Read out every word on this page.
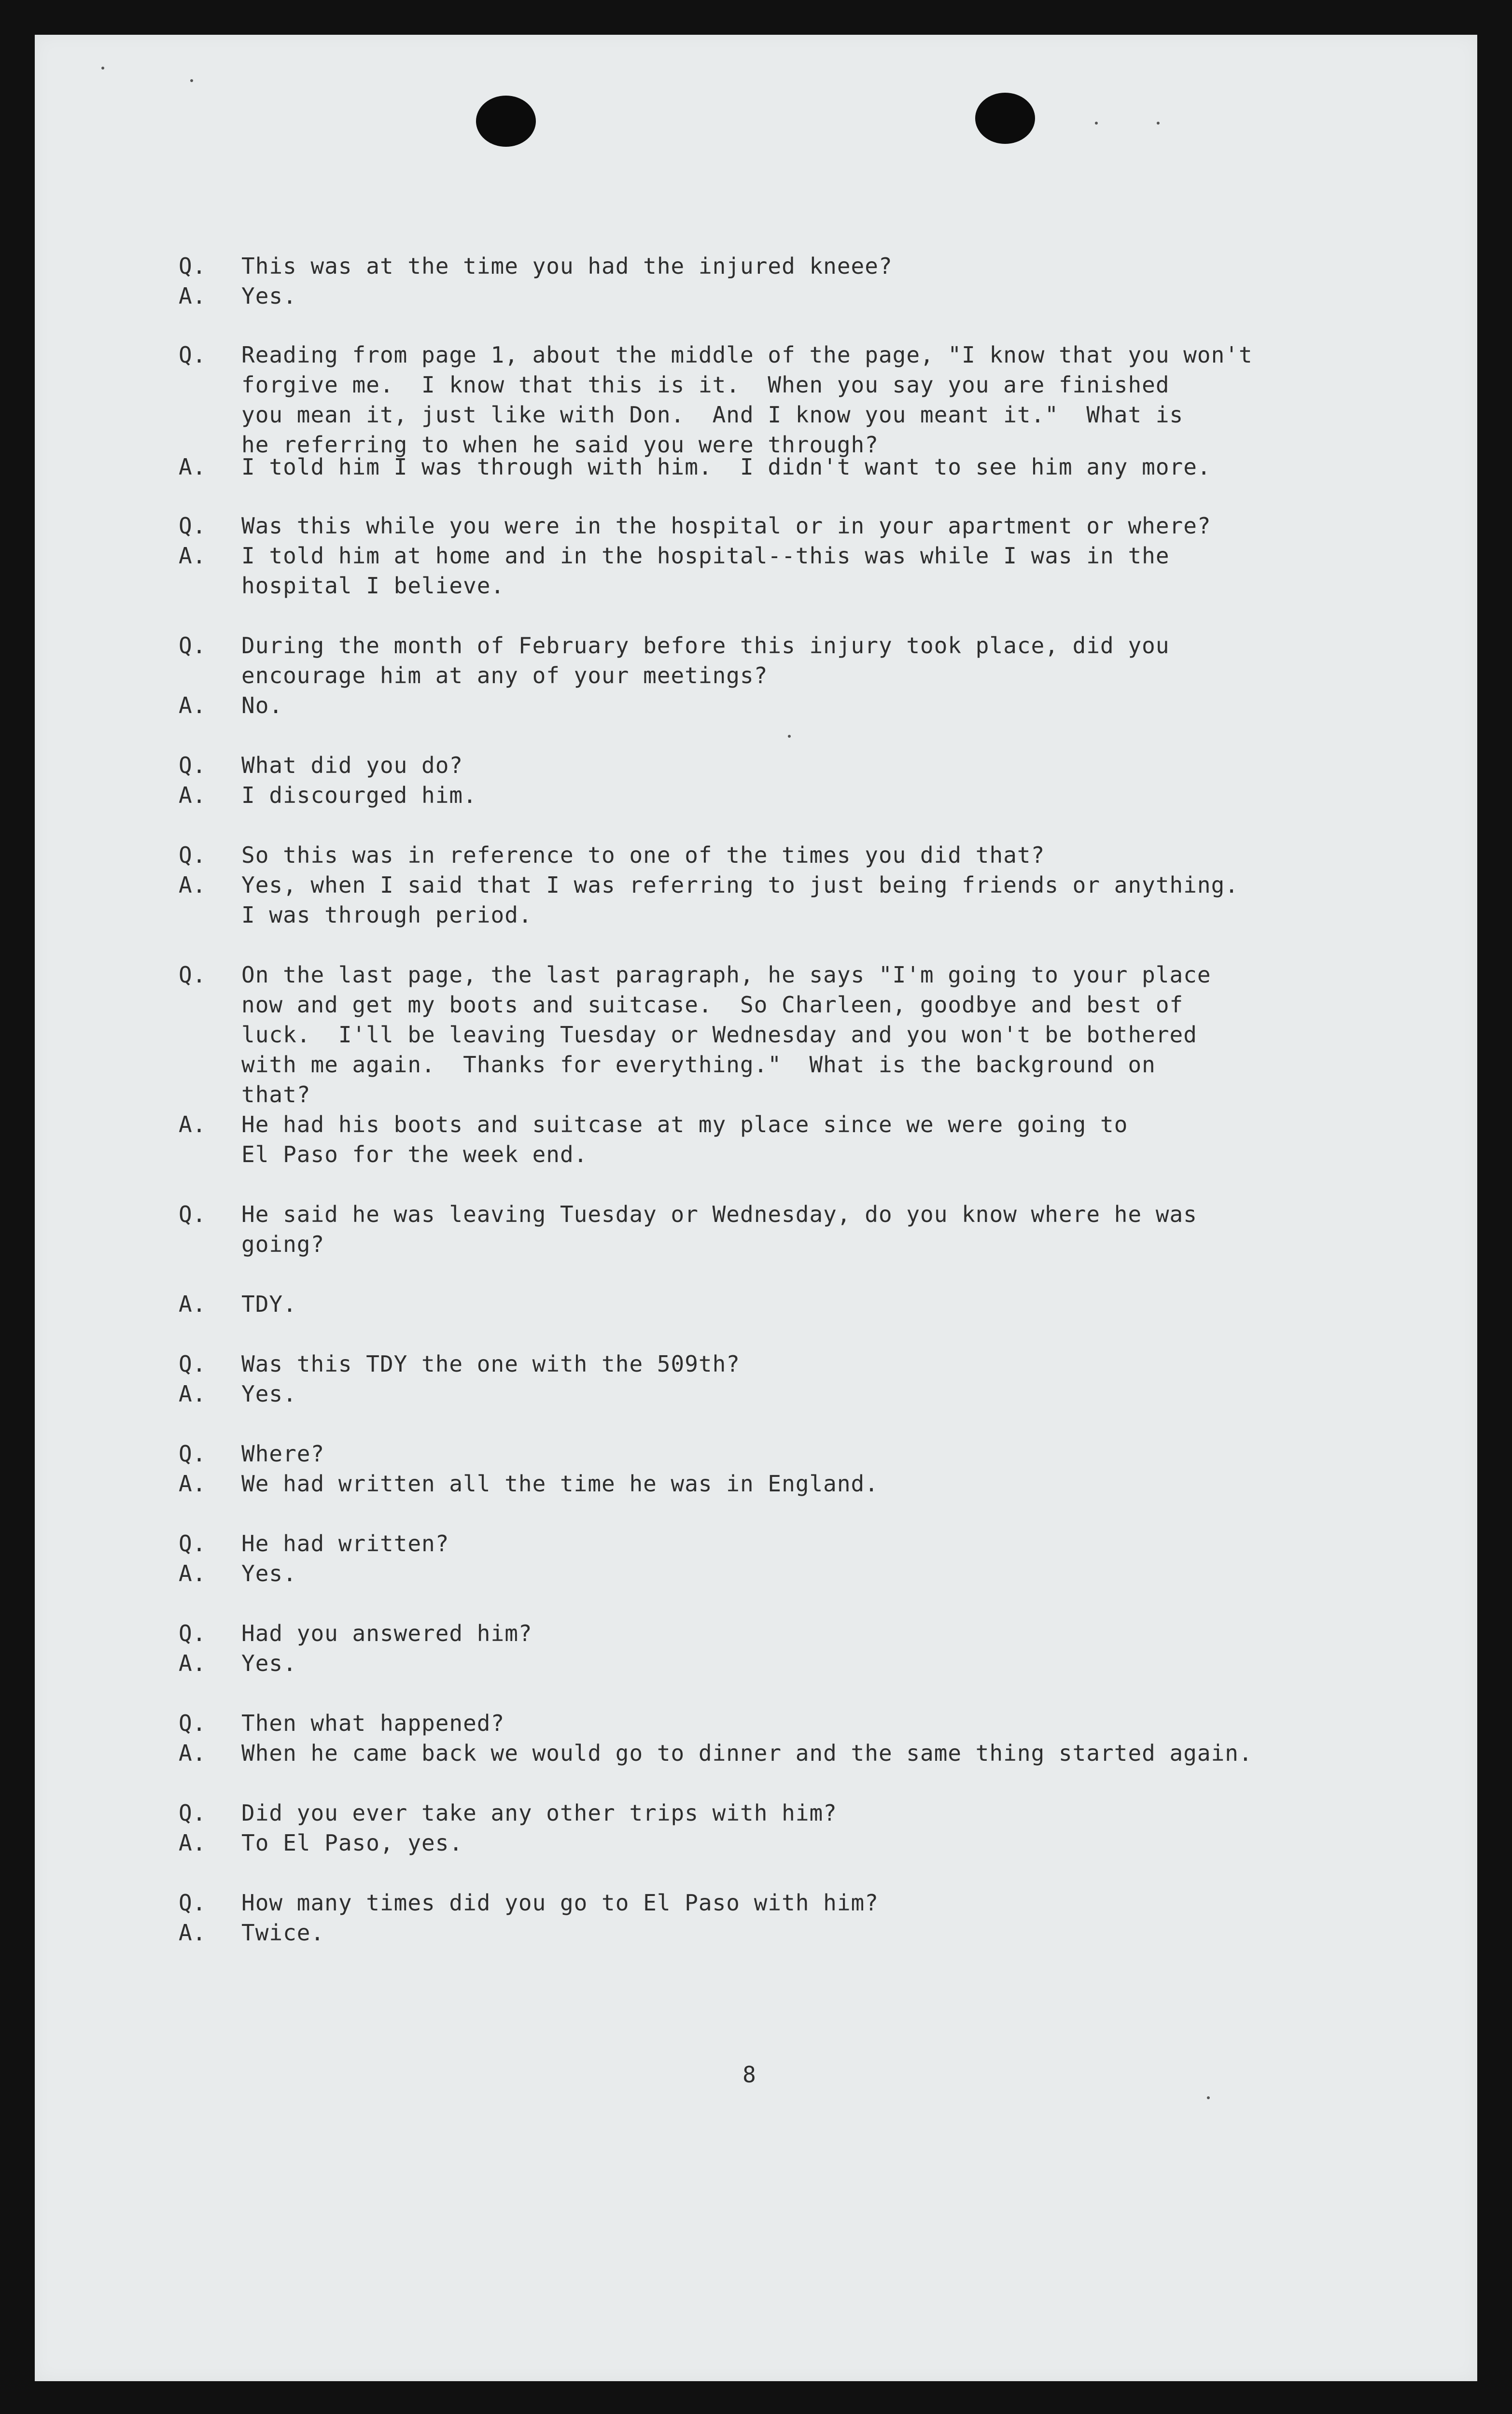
Q.	This was at the time you had the injured kneee?
A.	Yes.
Q.	Reading from page 1, about the middle of the page, "I know that you won't
forgive me.  I know that this is it.  When you say you are finished
you mean it, just like with Don.  And I know you meant it."  What is
he referring to when he said you were through?
A.	I told him I was through with him.  I didn't want to see him any more.
Q.	Was this while you were in the hospital or in your apartment or where?
A.	I told him at home and in the hospital--this was while I was in the
hospital I believe.
Q.	During the month of February before this injury took place, did you
encourage him at any of your meetings?
A.	No.
Q.	What did you do?
A.	I discourged him.
Q.	So this was in reference to one of the times you did that?
A.	Yes, when I said that I was referring to just being friends or anything.
I was through period.
Q.	On the last page, the last paragraph, he says "I'm going to your place
now and get my boots and suitcase.  So Charleen, goodbye and best of
luck.  I'll be leaving Tuesday or Wednesday and you won't be bothered
with me again.  Thanks for everything."  What is the background on
that?
A.	He had his boots and suitcase at my place since we were going to
El Paso for the week end.
Q.	He said he was leaving Tuesday or Wednesday, do you know where he was
going?
A.	TDY.
Q.	Was this TDY the one with the 509th?
A.	Yes.
Q.	Where?
A.	We had written all the time he was in England.
Q.	He had written?
A.	Yes.
Q.	Had you answered him?
A.	Yes.
Q.	Then what happened?
A.	When he came back we would go to dinner and the same thing started again.
Q.	Did you ever take any other trips with him?
A.	To El Paso, yes.
Q.	How many times did you go to El Paso with him?
A.	Twice.
8
